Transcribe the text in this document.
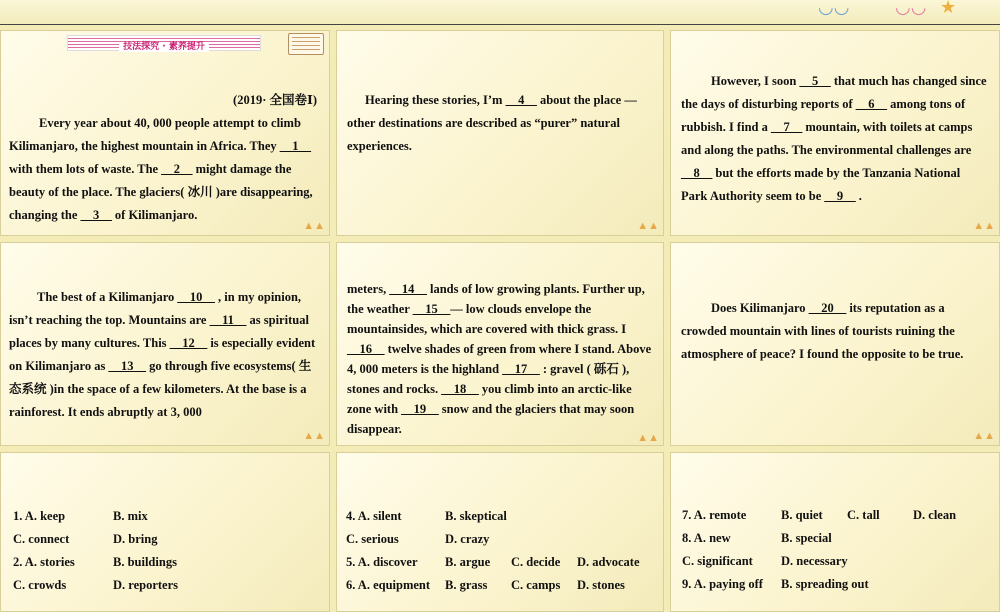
◡◡	◡◡ ★
技法探究 · 素养提升

(2019· 全国卷Ⅰ)

Every year about 40, 000 people attempt to climb Kilimanjaro, the highest mountain in Africa. They __1__ with them lots of waste. The __2__ might damage the beauty of the place. The glaciers( 冰川 )are disappearing, changing the __3__ of Kilimanjaro.

▲▲

Hearing these stories, I’m __4__ about the place —other destinations are described as “purer” natural experiences.

▲▲

However, I soon __5__ that much has changed since the days of disturbing reports of __6__ among tons of rubbish. I find a __7__ mountain, with toilets at camps and along the paths. The environmental challenges are __8__ but the efforts made by the Tanzania National Park Authority seem to be __9__ .

▲▲

The best of a Kilimanjaro __10__ , in my opinion, isn’t reaching the top. Mountains are __11__ as spiritual places by many cultures. This __12__ is especially evident on Kilimanjaro as __13__ go through five ecosystems( 生态系统 )in the space of a few kilometers. At the base is a rainforest. It ends abruptly at 3, 000

▲▲

meters, __14__ lands of low growing plants. Further up, the weather __15__— low clouds envelope the mountainsides, which are covered with thick grass. I __16__ twelve shades of green from where I stand. Above 4, 000 meters is the highland __17__ : gravel ( 砾石 ), stones and rocks. __18__ you climb into an arctic-like zone with __19__ snow and the glaciers that may soon disappear.

▲▲

Does Kilimanjaro __20__ its reputation as a crowded mountain with lines of tourists ruining the atmosphere of peace? I found the opposite to be true.

▲▲
1. A. keep	B. mix
C. connect	D. bring
2. A. stories	B. buildings
C. crowds	D. reporters
4. A. silent	B. skeptical
C. serious	D. crazy
5. A. discover B. argue C. decide D. advocate
6. A. equipment B. grass C. camps D. stones
7. A. remote	B. quiet C. tall	D. clean
8. A. new	B. special
C. significant D. necessary
9. A. paying off B. spreading out
